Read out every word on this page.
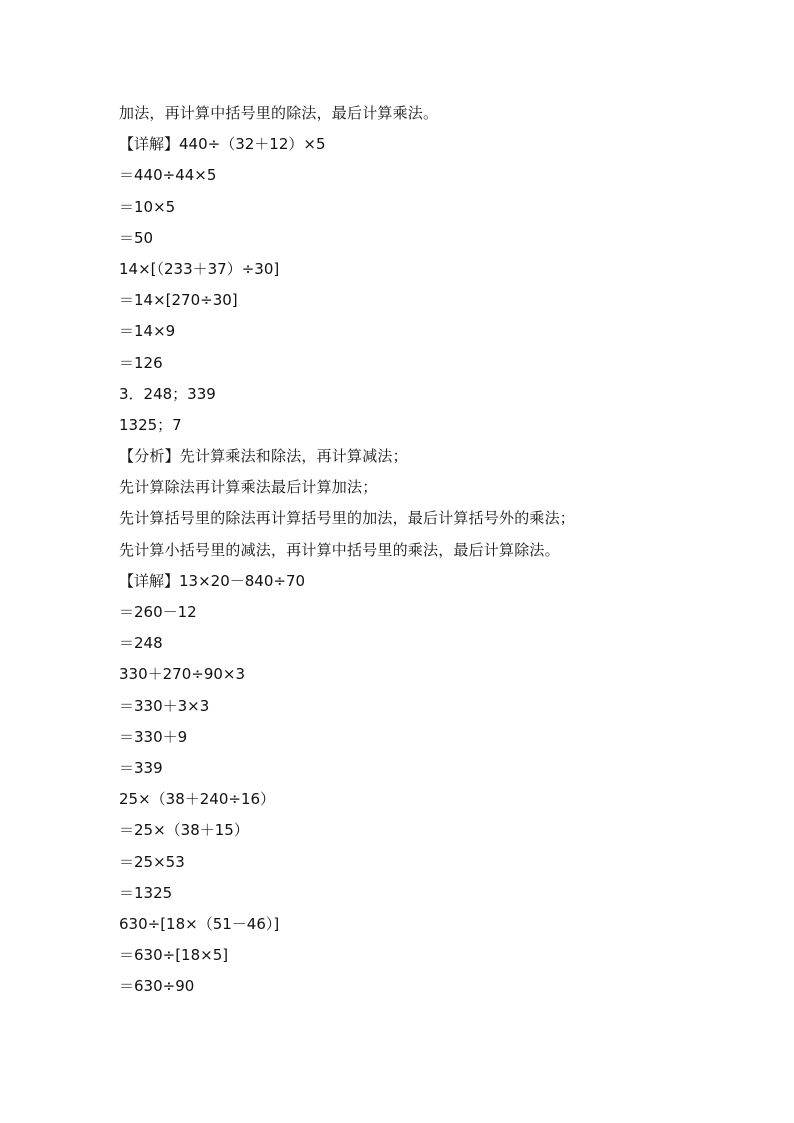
加法，再计算中括号里的除法，最后计算乘法。
【详解】440÷（32＋12）×5
＝440÷44×5
＝10×5
＝50
14×[（233＋37）÷30]
＝14×[270÷30]
＝14×9
＝126
3．248；339
1325；7
【分析】先计算乘法和除法，再计算减法；
先计算除法再计算乘法最后计算加法；
先计算括号里的除法再计算括号里的加法，最后计算括号外的乘法；
先计算小括号里的减法，再计算中括号里的乘法，最后计算除法。
【详解】13×20－840÷70
＝260－12
＝248
330＋270÷90×3
＝330＋3×3
＝330＋9
＝339
25×（38＋240÷16）
＝25×（38＋15）
＝25×53
＝1325
630÷[18×（51－46）]
＝630÷[18×5]
＝630÷90
